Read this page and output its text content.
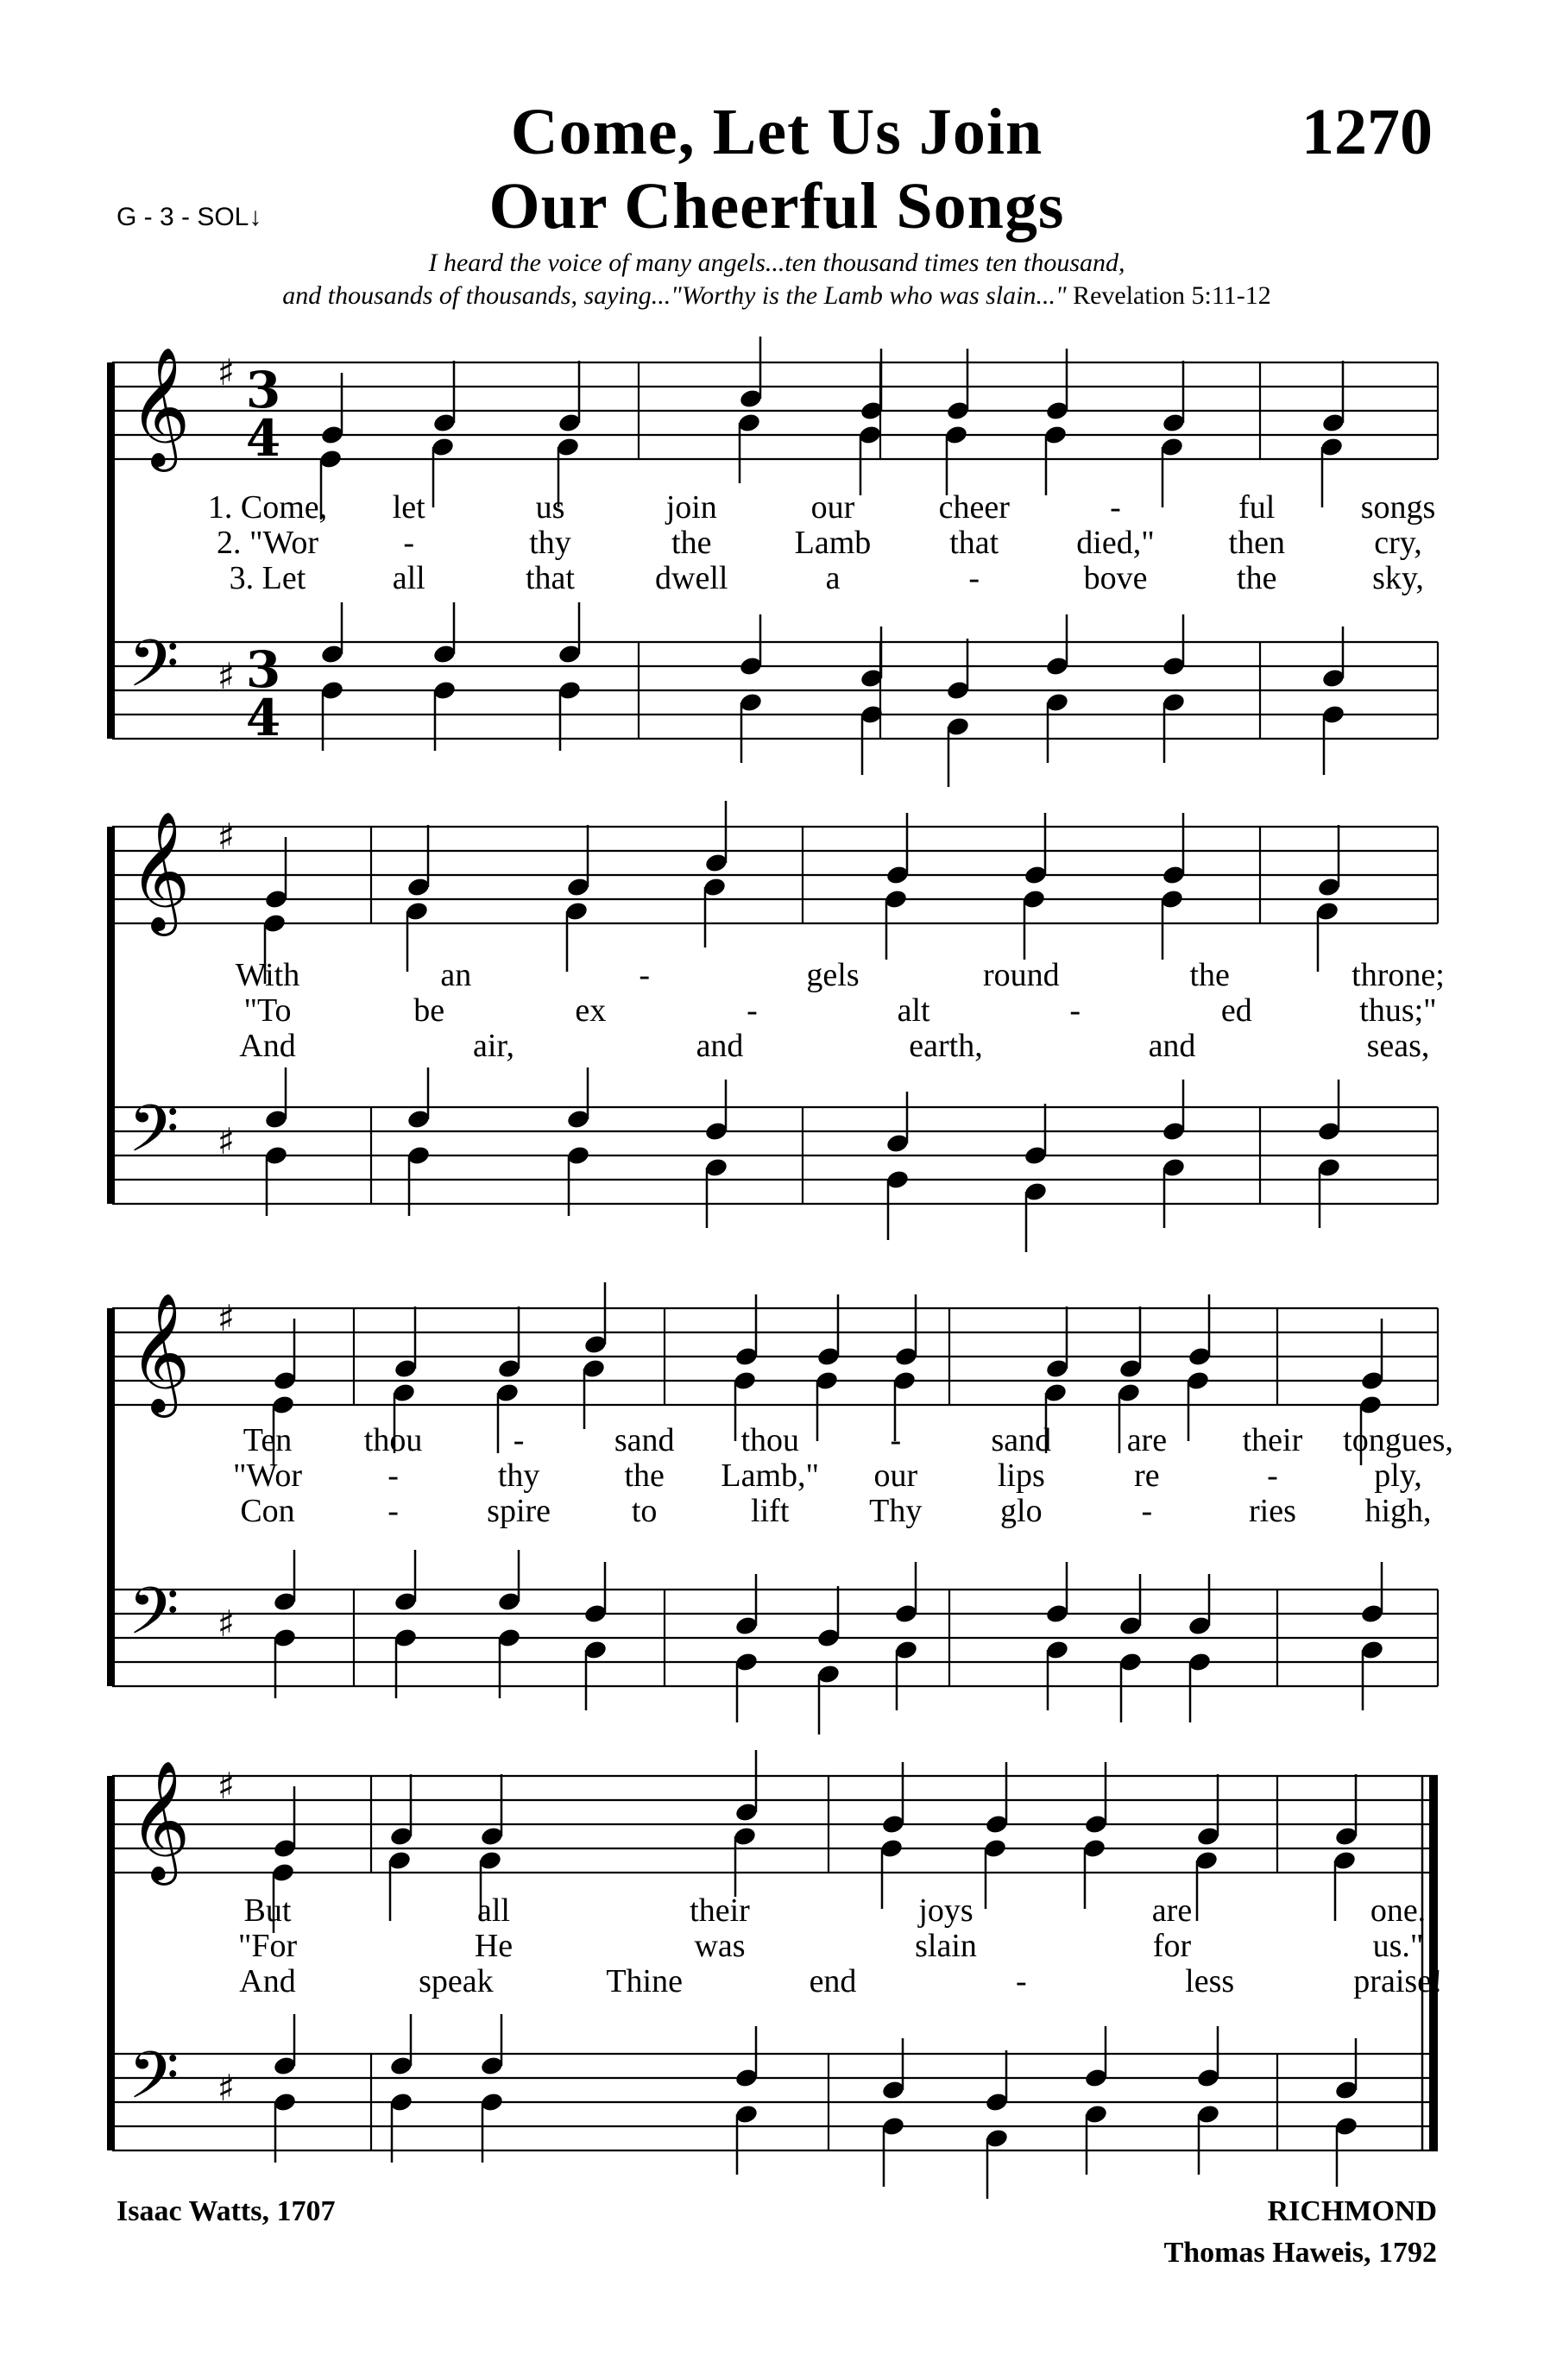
Come, Let Us Join
Our Cheerful Songs
1270
G - 3 - SOL↓
I heard the voice of many angels...ten thousand times ten thousand,
and thousands of thousands, saying..."Worthy is the Lamb who was slain..." Revelation 5:11-12
1. Come, let	us	join	our	cheer	-	ful	songs
2. "Wor	-	thy	the	Lamb that died," then	cry,
3. Let	all	that dwell	a	-	bove	the	sky,
𝄞
𝄢
♯
♯
3
4
3
4
With	an	-	gels	round	the	throne;
"To	be	ex	-	alt	-	ed	thus;"
And	air,	and	earth,	and	seas,
𝄞
𝄢
♯
♯
Ten thou	-	sand thou	-	sand are their tongues,
"Wor	-	thy	the Lamb," our lips	re	-	ply,
Con	-	spire to	lift Thy glo	-	ries high,
𝄞
𝄢
♯
♯
But	all	their	joys	are	one.
"For	He	was	slain	for	us."
And	speak	Thine	end	-	less	praise!
𝄞
𝄢
♯
♯
Isaac Watts, 1707	RICHMOND
Thomas Haweis, 1792
